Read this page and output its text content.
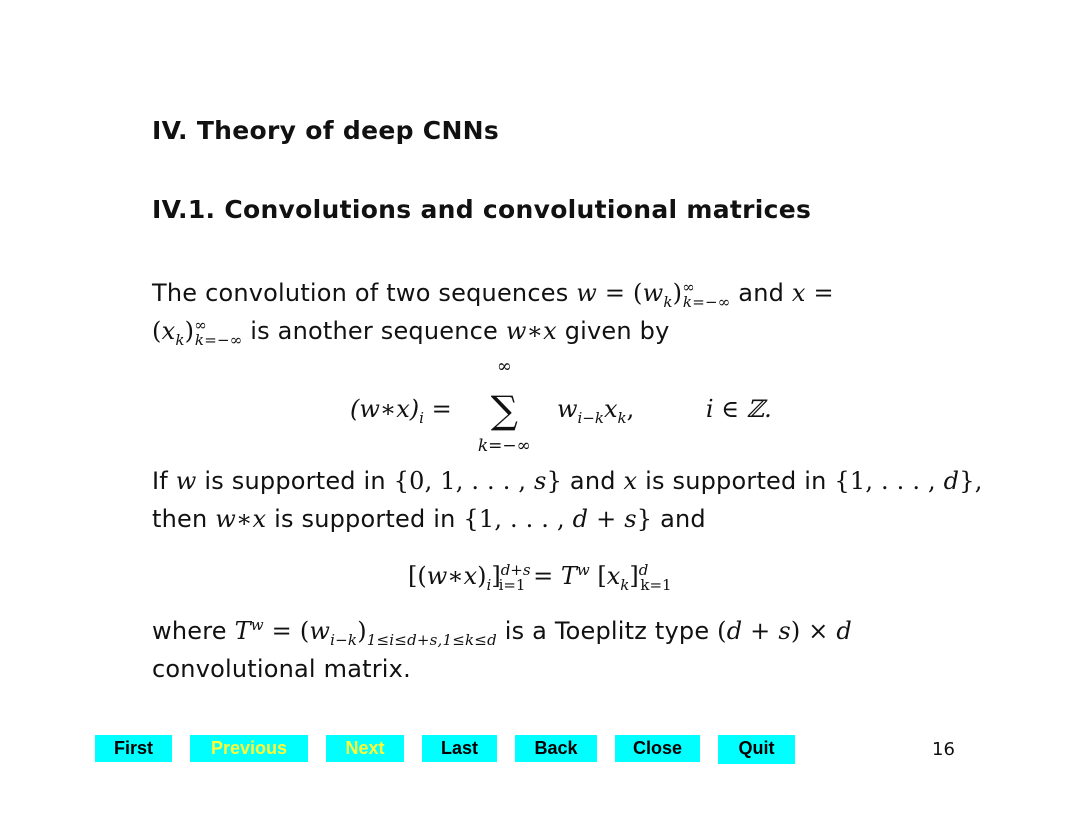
IV. Theory of deep CNNs
IV.1. Convolutions and convolutional matrices
The convolution of two sequences $w = (w_k)^\infty_{k=-\infty}$ and x =
$(x_k)^\infty_{k=-\infty}$ is another sequence w∗x given by
$(w∗x)_i$ =
∞
∑
k=−∞
$w_{i-k}x_k$,	i ∈ ℤ.
If w is supported in {0, 1, . . . , s} and x is supported in {1, . . . , d},
then w∗x is supported in {1, . . . , d + s} and
$[(w∗x)_i]^{d+s}_{i=1} = T^w$ $[x_k]^d_{k=1}$
where $T^w = (w_{i-k})_{1\le i\le d+s,1\le k\le d}$ is a Toeplitz type (d + s) × d
convolutional matrix.
First	Previous	Next	Last	Back	Close	Quit	16
